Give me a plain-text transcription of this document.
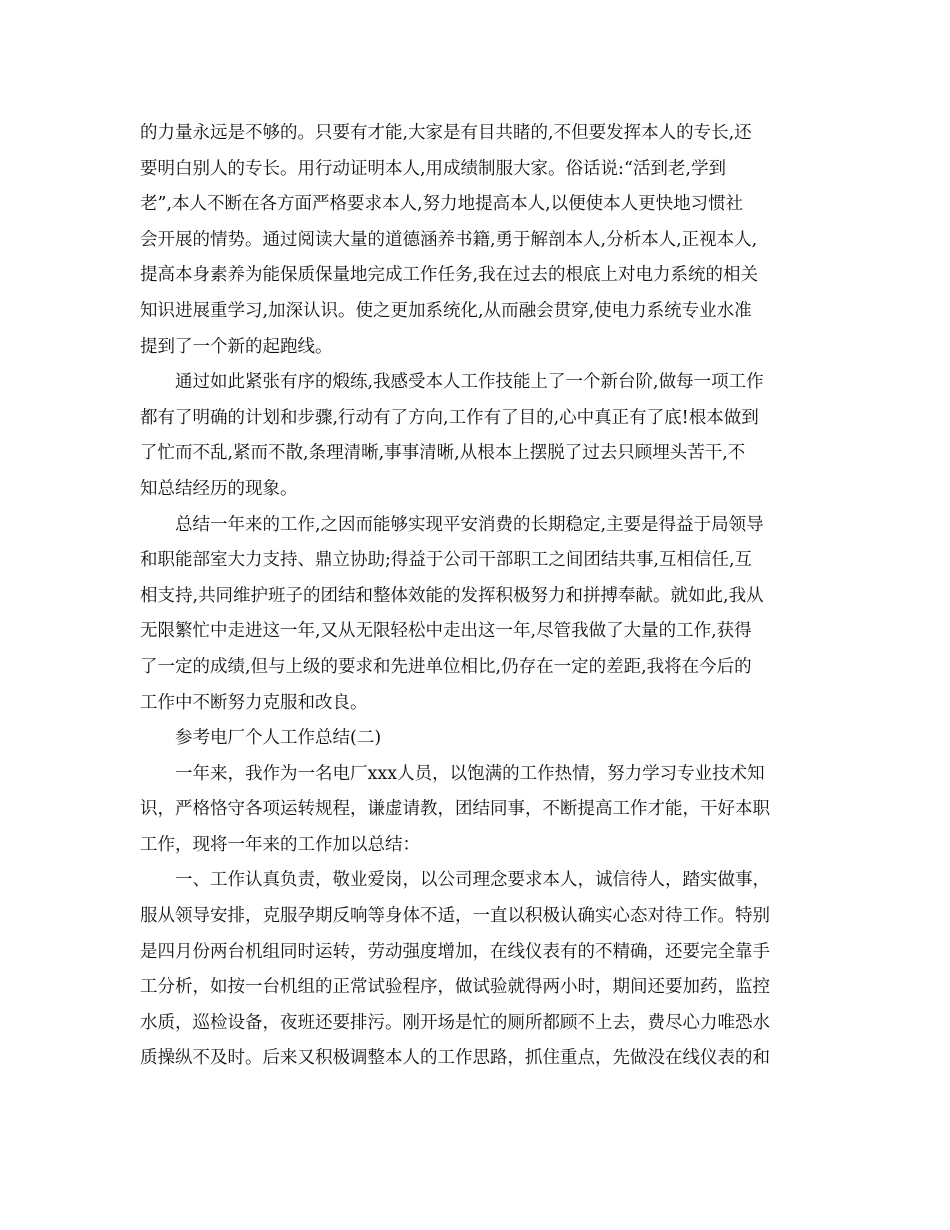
的力量永远是不够的。只要有才能,大家是有目共睹的,不但要发挥本人的专长,还
要明白别人的专长。用行动证明本人,用成绩制服大家。俗话说:“活到老,学到
老”,本人不断在各方面严格要求本人,努力地提高本人,以便使本人更快地习惯社
会开展的情势。通过阅读大量的道德涵养书籍,勇于解剖本人,分析本人,正视本人,
提高本身素养为能保质保量地完成工作任务,我在过去的根底上对电力系统的相关
知识进展重学习,加深认识。使之更加系统化,从而融会贯穿,使电力系统专业水准
提到了一个新的起跑线。
通过如此紧张有序的煅练,我感受本人工作技能上了一个新台阶,做每一项工作
都有了明确的计划和步骤,行动有了方向,工作有了目的,心中真正有了底!根本做到
了忙而不乱,紧而不散,条理清晰,事事清晰,从根本上摆脱了过去只顾埋头苦干,不
知总结经历的现象。
总结一年来的工作,之因而能够实现平安消费的长期稳定,主要是得益于局领导
和职能部室大力支持、鼎立协助;得益于公司干部职工之间团结共事,互相信任,互
相支持,共同维护班子的团结和整体效能的发挥积极努力和拼搏奉献。就如此,我从
无限繁忙中走进这一年,又从无限轻松中走出这一年,尽管我做了大量的工作,获得
了一定的成绩,但与上级的要求和先进单位相比,仍存在一定的差距,我将在今后的
工作中不断努力克服和改良。
参考电厂个人工作总结(二)
一年来，我作为一名电厂xxx人员，以饱满的工作热情，努力学习专业技术知
识，严格恪守各项运转规程，谦虚请教，团结同事，不断提高工作才能，干好本职
工作，现将一年来的工作加以总结：
一、工作认真负责，敬业爱岗，以公司理念要求本人，诚信待人，踏实做事，
服从领导安排，克服孕期反响等身体不适，一直以积极认确实心态对待工作。特别
是四月份两台机组同时运转，劳动强度增加，在线仪表有的不精确，还要完全靠手
工分析，如按一台机组的正常试验程序，做试验就得两小时，期间还要加药，监控
水质，巡检设备，夜班还要排污。刚开场是忙的厕所都顾不上去，费尽心力唯恐水
质操纵不及时。后来又积极调整本人的工作思路，抓住重点，先做没在线仪表的和
